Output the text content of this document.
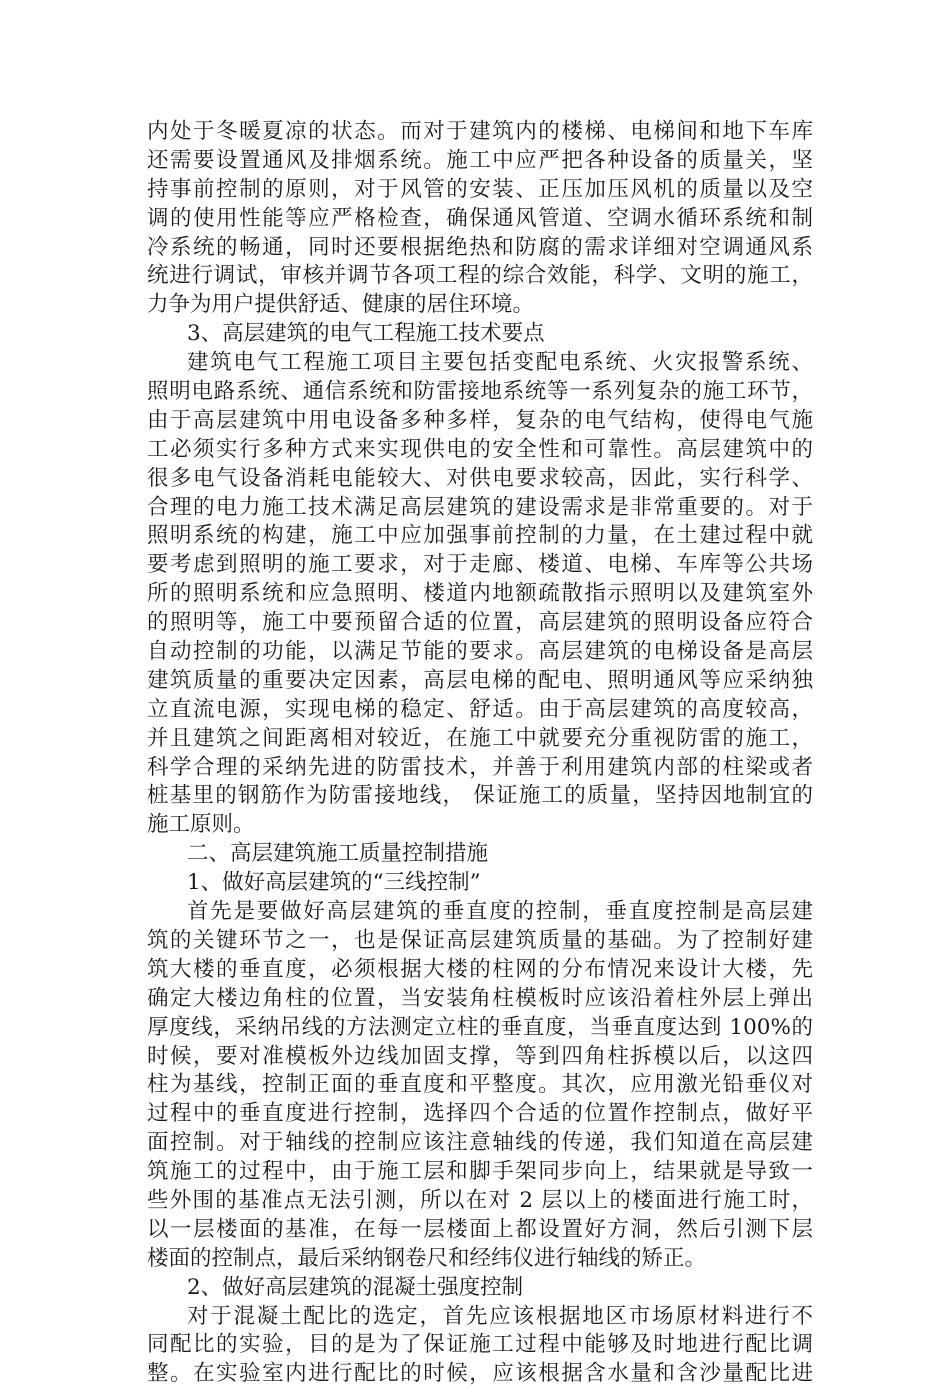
内处于冬暖夏凉的状态。而对于建筑内的楼梯、电梯间和地下车库
还需要设置通风及排烟系统。施工中应严把各种设备的质量关，坚
持事前控制的原则，对于风管的安装、正压加压风机的质量以及空
调的使用性能等应严格检查，确保通风管道、空调水循环系统和制
冷系统的畅通，同时还要根据绝热和防腐的需求详细对空调通风系
统进行调试，审核并调节各项工程的综合效能，科学、文明的施工，
力争为用户提供舒适、健康的居住环境。
3、高层建筑的电气工程施工技术要点
建筑电气工程施工项目主要包括变配电系统、火灾报警系统、
照明电路系统、通信系统和防雷接地系统等一系列复杂的施工环节，
由于高层建筑中用电设备多种多样，复杂的电气结构，使得电气施
工必须实行多种方式来实现供电的安全性和可靠性。高层建筑中的
很多电气设备消耗电能较大、对供电要求较高，因此，实行科学、
合理的电力施工技术满足高层建筑的建设需求是非常重要的。对于
照明系统的构建，施工中应加强事前控制的力量，在土建过程中就
要考虑到照明的施工要求，对于走廊、楼道、电梯、车库等公共场
所的照明系统和应急照明、楼道内地额疏散指示照明以及建筑室外
的照明等，施工中要预留合适的位置，高层建筑的照明设备应符合
自动控制的功能，以满足节能的要求。高层建筑的电梯设备是高层
建筑质量的重要决定因素，高层电梯的配电、照明通风等应采纳独
立直流电源，实现电梯的稳定、舒适。由于高层建筑的高度较高，
并且建筑之间距离相对较近，在施工中就要充分重视防雷的施工，
科学合理的采纳先进的防雷技术，并善于利用建筑内部的柱梁或者
桩基里的钢筋作为防雷接地线， 保证施工的质量，坚持因地制宜的
施工原则。
二、高层建筑施工质量控制措施
1、做好高层建筑的“三线控制”
首先是要做好高层建筑的垂直度的控制，垂直度控制是高层建
筑的关键环节之一，也是保证高层建筑质量的基础。为了控制好建
筑大楼的垂直度，必须根据大楼的柱网的分布情况来设计大楼，先
确定大楼边角柱的位置，当安装角柱模板时应该沿着柱外层上弹出
厚度线，采纳吊线的方法测定立柱的垂直度，当垂直度达到 100%的
时候，要对准模板外边线加固支撑，等到四角柱拆模以后，以这四
柱为基线，控制正面的垂直度和平整度。其次，应用激光铅垂仪对
过程中的垂直度进行控制，选择四个合适的位置作控制点，做好平
面控制。对于轴线的控制应该注意轴线的传递，我们知道在高层建
筑施工的过程中，由于施工层和脚手架同步向上，结果就是导致一
些外围的基准点无法引测，所以在对 2 层以上的楼面进行施工时，
以一层楼面的基准，在每一层楼面上都设置好方洞，然后引测下层
楼面的控制点，最后采纳钢卷尺和经纬仪进行轴线的矫正。
2、做好高层建筑的混凝土强度控制
对于混凝土配比的选定，首先应该根据地区市场原材料进行不
同配比的实验，目的是为了保证施工过程中能够及时地进行配比调
整。在实验室内进行配比的时候，应该根据含水量和含沙量配比进
